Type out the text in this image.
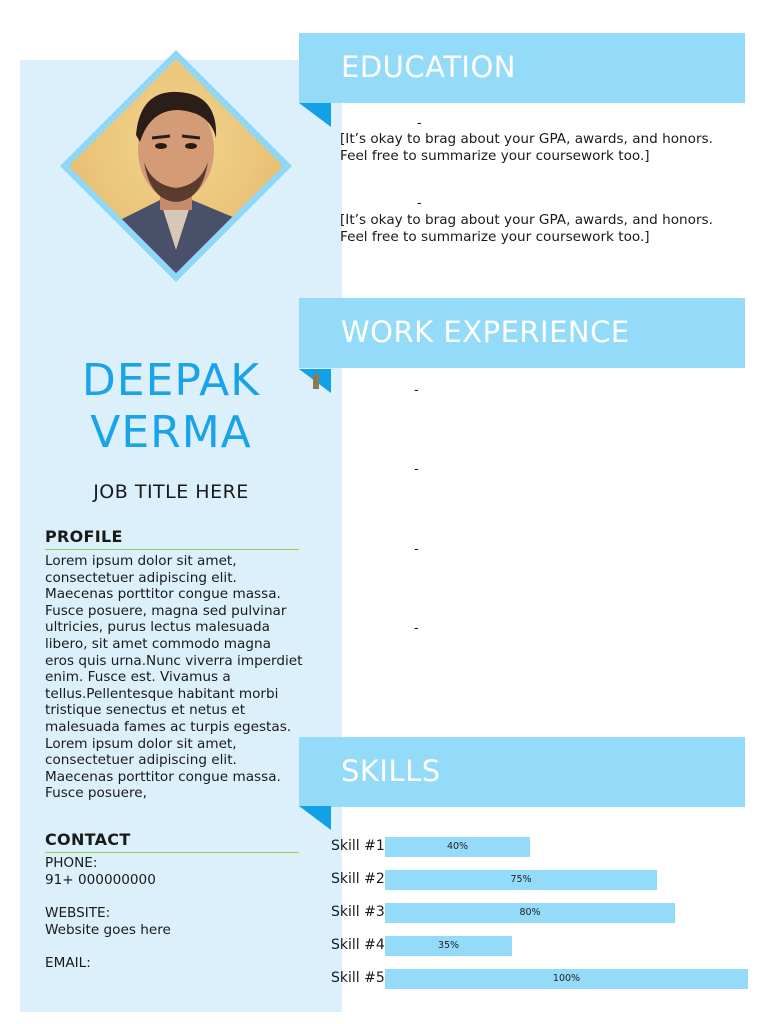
DEEPAK
VERMA
JOB TITLE HERE
PROFILE
Lorem ipsum dolor sit amet, consectetuer adipiscing elit. Maecenas porttitor congue massa. Fusce posuere, magna sed pulvinar ultricies, purus lectus malesuada libero, sit amet commodo magna eros quis urna.Nunc viverra imperdiet enim. Fusce est. Vivamus a tellus.Pellentesque habitant morbi tristique senectus et netus et malesuada fames ac turpis egestas. Lorem ipsum dolor sit amet, consectetuer adipiscing elit. Maecenas porttitor congue massa. Fusce posuere,
CONTACT
PHONE:
91+ 000000000
WEBSITE:
Website goes here
EMAIL:
EDUCATION
-
[It’s okay to brag about your GPA, awards, and honors. Feel free to summarize your coursework too.]
-
[It’s okay to brag about your GPA, awards, and honors. Feel free to summarize your coursework too.]
WORK EXPERIENCE
-
-
-
-
SKILLS
Skill #1	40%
Skill #2	75%
Skill #3	80%
Skill #4	35%
Skill #5	100%
